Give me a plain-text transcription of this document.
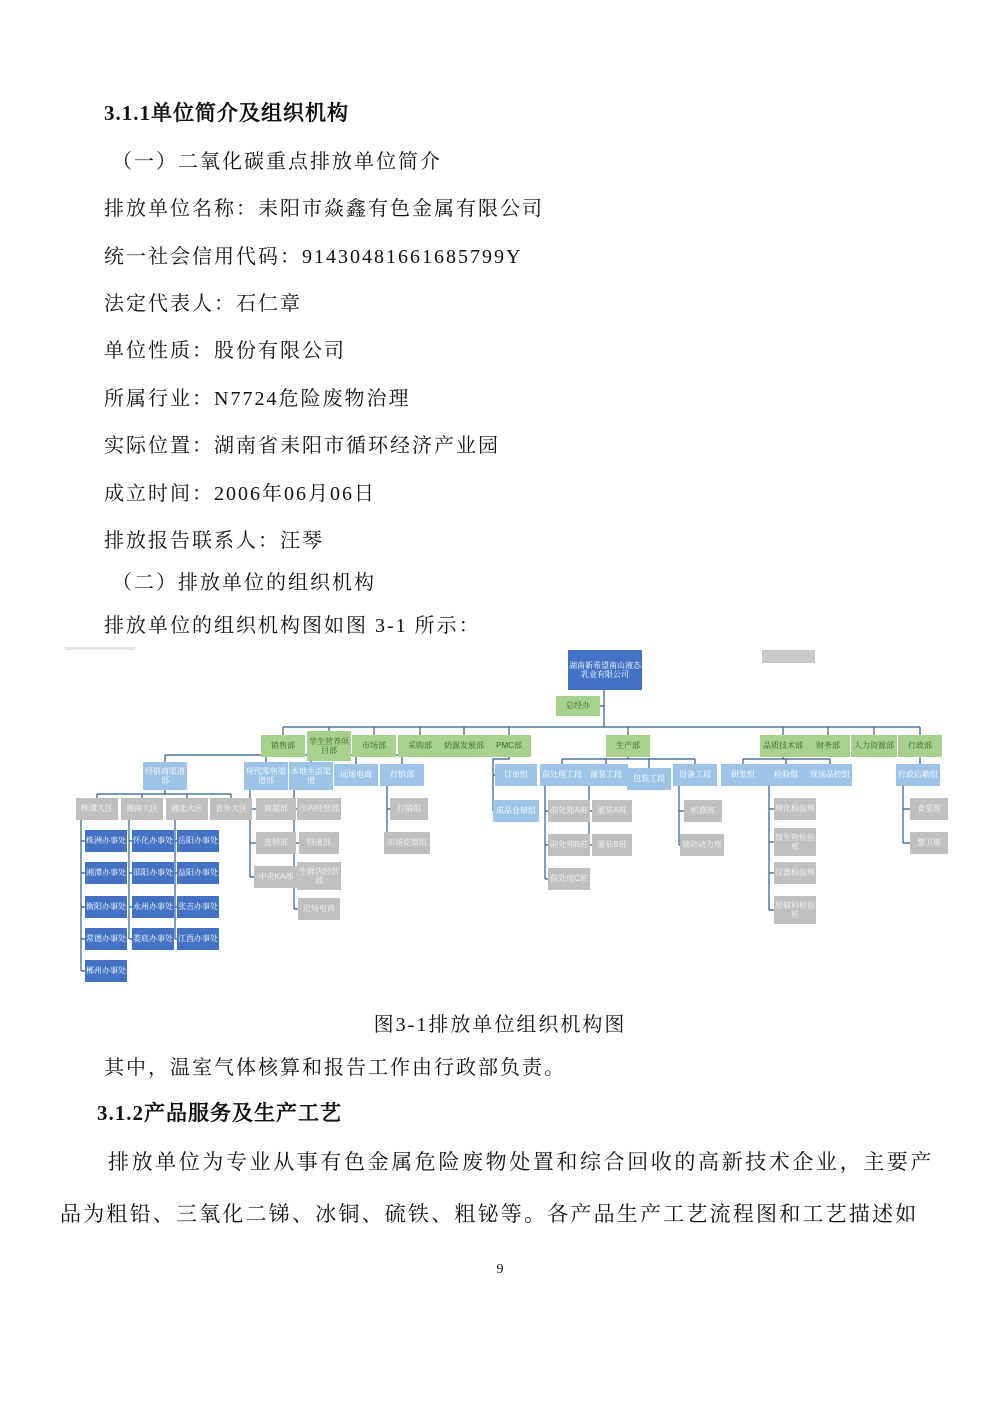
3.1.1单位简介及组织机构
（一）二氧化碳重点排放单位简介
排放单位名称：耒阳市焱鑫有色金属有限公司
统一社会信用代码：91430481661685799Y
法定代表人：石仁章
单位性质：股份有限公司
所属行业：N7724危险废物治理
实际位置：湖南省耒阳市循环经济产业园
成立时间：2006年06月06日
排放报告联系人：汪琴
（二）排放单位的组织机构
排放单位的组织机构图如图 3-1 所示：
湖南新希望南山液态乳业有限公司
总经办
销售部
学生营养项目部
市场部	采购部	奶源发展部	PMC部	生产部	品质技术部	财务部	人力资源部	行政部
经销商渠道部
现代零售渠道部
本地生活渠道
远场电商	行销部	订单组
成品仓储组
前处理工段	灌装工段	包装工段	设备工段	研发组	检验组	现场品控组	行政后勤组
株潭大区	湘南大区	湘北大区	省外大区	商超部
连锁部
中央KA部
市内经营部
特通部
生鲜店经营部
近场电商
行销组
市场监察组
前处理A班
前处理B班
前处理C班
灌装A班
灌装B班
机修班
辅助动力班
理化检验班
微生物检验班
仪器检验班
原辅料检验班
食堂班
警卫班
株洲办事处
湘潭办事处
衡阳办事处
常德办事处
郴州办事处
怀化办事处
邵阳办事处
永州办事处
娄底办事处
岳阳办事处
益阳办事处
张吉办事处
江西办事处
图3-1排放单位组织机构图
其中，温室气体核算和报告工作由行政部负责。
3.1.2产品服务及生产工艺
排放单位为专业从事有色金属危险废物处置和综合回收的高新技术企业，主要产
品为粗铅、三氧化二锑、冰铜、硫铁、粗铋等。各产品生产工艺流程图和工艺描述如
9
